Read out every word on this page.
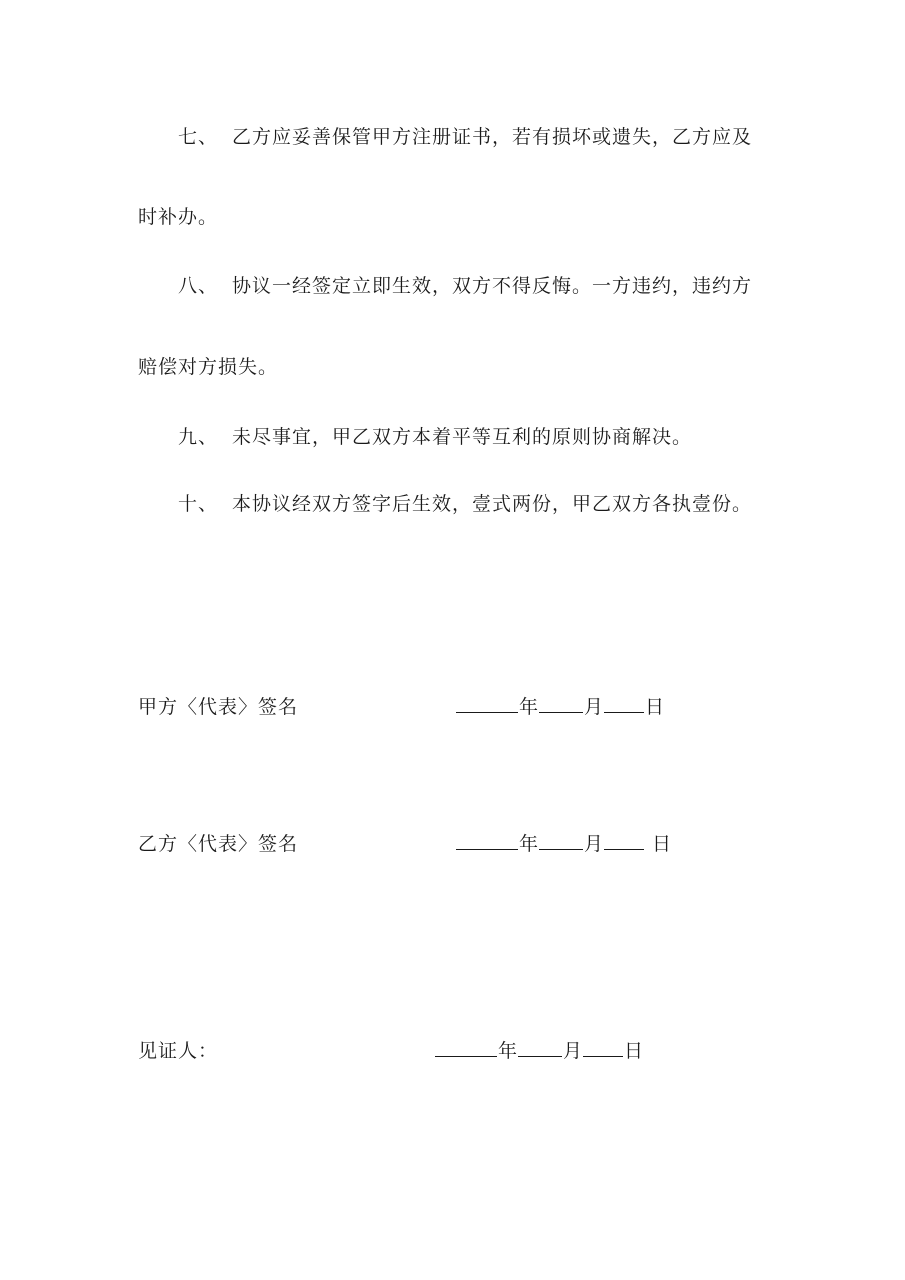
七、 乙方应妥善保管甲方注册证书，若有损坏或遗失，乙方应及
时补办。
八、 协议一经签定立即生效，双方不得反悔。一方违约，违约方
赔偿对方损失。
九、 未尽事宜，甲乙双方本着平等互利的原则协商解决。
十、 本协议经双方签字后生效，壹式两份，甲乙双方各执壹份。
甲方〈代表〉签名	年 月 日
乙方〈代表〉签名	年 月	日
见证人：	年 月 日
